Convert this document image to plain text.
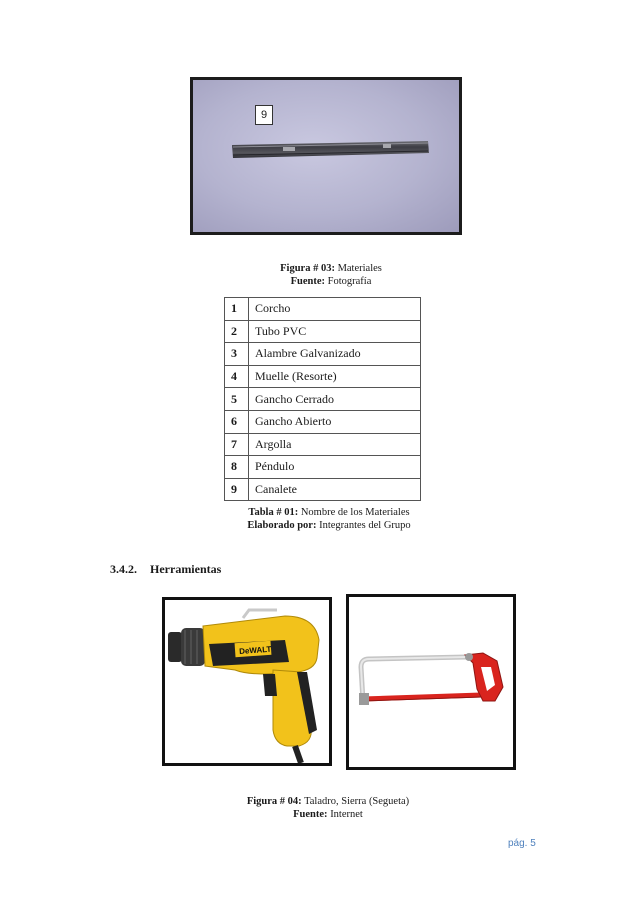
9
Figura # 03: Materiales
Fuente: Fotografía
1	Corcho
2	Tubo PVC
3	Alambre Galvanizado
4	Muelle (Resorte)
5	Gancho Cerrado
6	Gancho Abierto
7	Argolla
8	Péndulo
9	Canalete
Tabla # 01: Nombre de los Materiales
Elaborado por: Integrantes del Grupo
3.4.2. Herramientas
DeWALT
Figura # 04: Taladro, Sierra (Segueta)
Fuente: Internet
pág. 5
